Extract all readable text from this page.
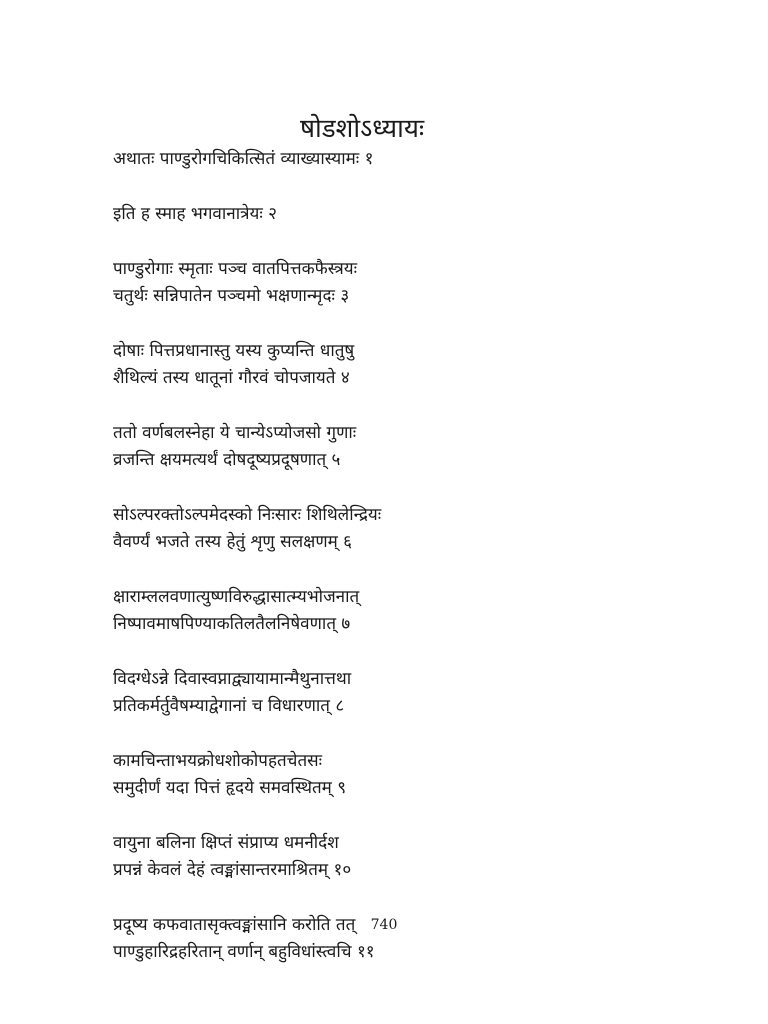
षोडशोऽध्यायः

अथातः पाण्डुरोगचिकित्सितं व्याख्यास्यामः १

इति ह स्माह भगवानात्रेयः २

पाण्डुरोगाः स्मृताः पञ्च वातपित्तकफैस्त्रयः
चतुर्थः सन्निपातेन पञ्चमो भक्षणान्मृदः ३

दोषाः पित्तप्रधानास्तु यस्य कुप्यन्ति धातुषु
शैथिल्यं तस्य धातूनां गौरवं चोपजायते ४

ततो वर्णबलस्नेहा ये चान्येऽप्योजसो गुणाः
व्रजन्ति क्षयमत्यर्थं दोषदूष्यप्रदूषणात् ५

सोऽल्परक्तोऽल्पमेदस्को निःसारः शिथिलेन्द्रियः
वैवर्ण्यं भजते तस्य हेतुं शृणु सलक्षणम् ६

क्षाराम्ललवणात्युष्णविरुद्धासात्म्यभोजनात्
निष्पावमाषपिण्याकतिलतैलनिषेवणात् ७

विदग्धेऽन्ने दिवास्वप्नाद्व्यायामान्मैथुनात्तथा
प्रतिकर्मर्तुवैषम्याद्वेगानां च विधारणात् ८

कामचिन्ताभयक्रोधशोकोपहतचेतसः
समुदीर्णं यदा पित्तं हृदये समवस्थितम् ९

वायुना बलिना क्षिप्तं संप्राप्य धमनीर्दश
प्रपन्नं केवलं देहं त्वङ्मांसान्तरमाश्रितम् १०

प्रदूष्य कफवातासृक्त्वङ्मांसानि करोति तत्
पाण्डुहारिद्रहरितान् वर्णान् बहुविधांस्त्वचि ११

740
